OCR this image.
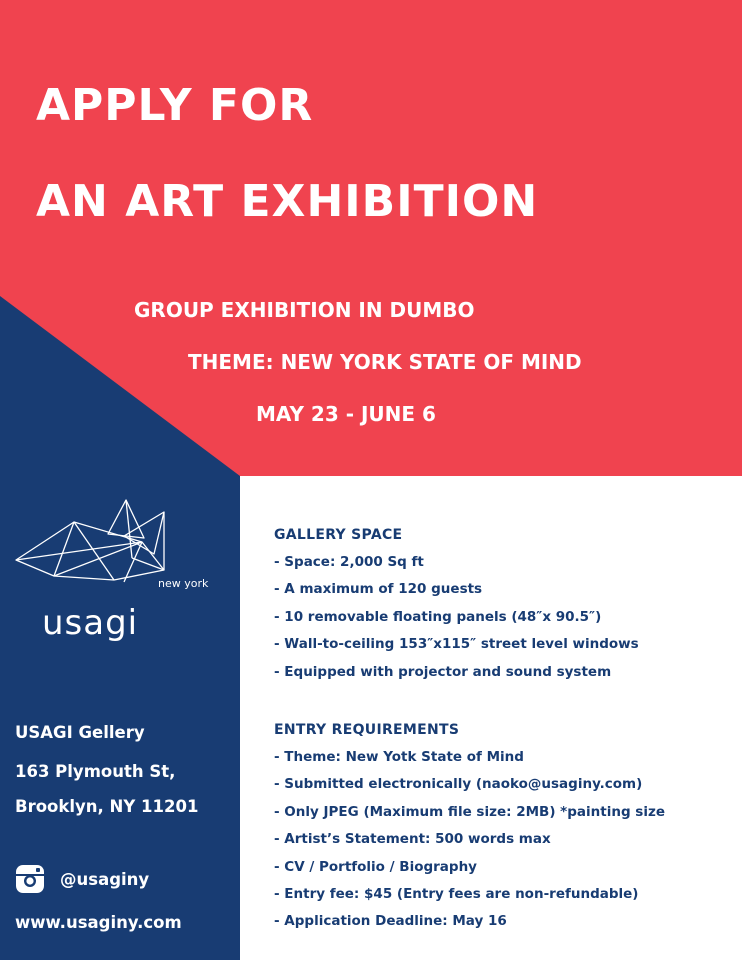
APPLY FOR
AN ART EXHIBITION

GROUP EXHIBITION IN DUMBO

THEME: NEW YORK STATE OF MIND

MAY 23 - JUNE 6

new york
usagi

USAGI Gellery

163 Plymouth St,

Brooklyn, NY 11201

@usaginy

www.usaginy.com

GALLERY SPACE

- Space: 2,000 Sq ft
- A maximum of 120 guests
- 10 removable floating panels (48″x 90.5″)
- Wall-to-ceiling 153″x115″ street level windows
- Equipped with projector and sound system

ENTRY REQUIREMENTS

- Theme: New Yotk State of Mind
- Submitted electronically (naoko@usaginy.com)
- Only JPEG (Maximum file size: 2MB) *painting size
- Artist’s Statement: 500 words max
- CV / Portfolio / Biography
- Entry fee: $45 (Entry fees are non-refundable)
- Application Deadline: May 16
